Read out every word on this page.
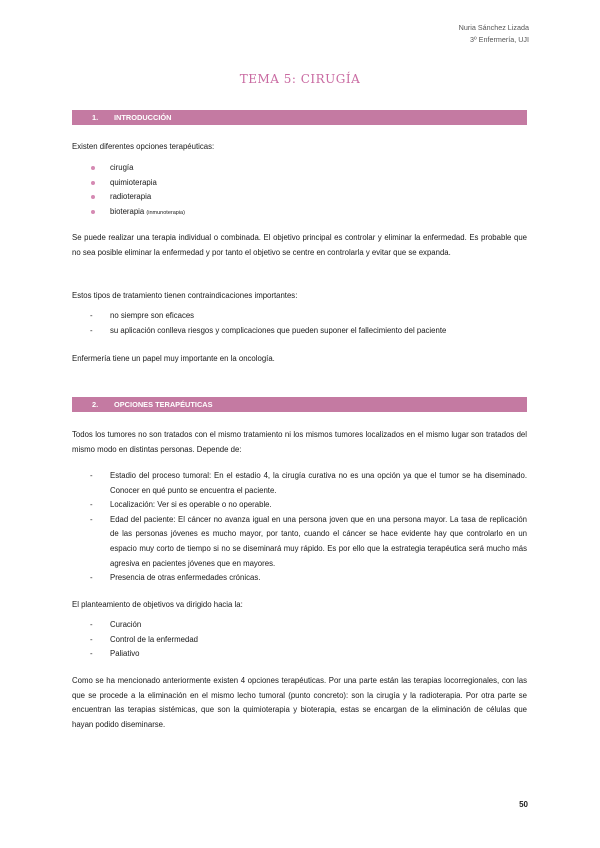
Nuria Sánchez Lizada
3º Enfermería, UJI
TEMA 5: CIRUGÍA
1. INTRODUCCIÓN
Existen diferentes opciones terapéuticas:
cirugía
quimioterapia
radioterapia
bioterapia (inmunoterapia)
Se puede realizar una terapia individual o combinada. El objetivo principal es controlar y eliminar la enfermedad. Es probable que no sea posible eliminar la enfermedad y por tanto el objetivo se centre en controlarla y evitar que se expanda.
Estos tipos de tratamiento tienen contraindicaciones importantes:
- no siempre son eficaces
- su aplicación conlleva riesgos y complicaciones que pueden suponer el fallecimiento del paciente
Enfermería tiene un papel muy importante en la oncología.
2. OPCIONES TERAPÉUTICAS
Todos los tumores no son tratados con el mismo tratamiento ni los mismos tumores localizados en el mismo lugar son tratados del mismo modo en distintas personas. Depende de:
- Estadio del proceso tumoral: En el estadio 4, la cirugía curativa no es una opción ya que el tumor se ha diseminado. Conocer en qué punto se encuentra el paciente.
- Localización: Ver si es operable o no operable.
- Edad del paciente: El cáncer no avanza igual en una persona joven que en una persona mayor. La tasa de replicación de las personas jóvenes es mucho mayor, por tanto, cuando el cáncer se hace evidente hay que controlarlo en un espacio muy corto de tiempo si no se diseminará muy rápido. Es por ello que la estrategia terapéutica será mucho más agresiva en pacientes jóvenes que en mayores.
- Presencia de otras enfermedades crónicas.
El planteamiento de objetivos va dirigido hacia la:
- Curación
- Control de la enfermedad
- Paliativo
Como se ha mencionado anteriormente existen 4 opciones terapéuticas. Por una parte están las terapias locorregionales, con las que se procede a la eliminación en el mismo lecho tumoral (punto concreto): son la cirugía y la radioterapia. Por otra parte se encuentran las terapias sistémicas, que son la quimioterapia y bioterapia, estas se encargan de la eliminación de células que hayan podido diseminarse.
50
